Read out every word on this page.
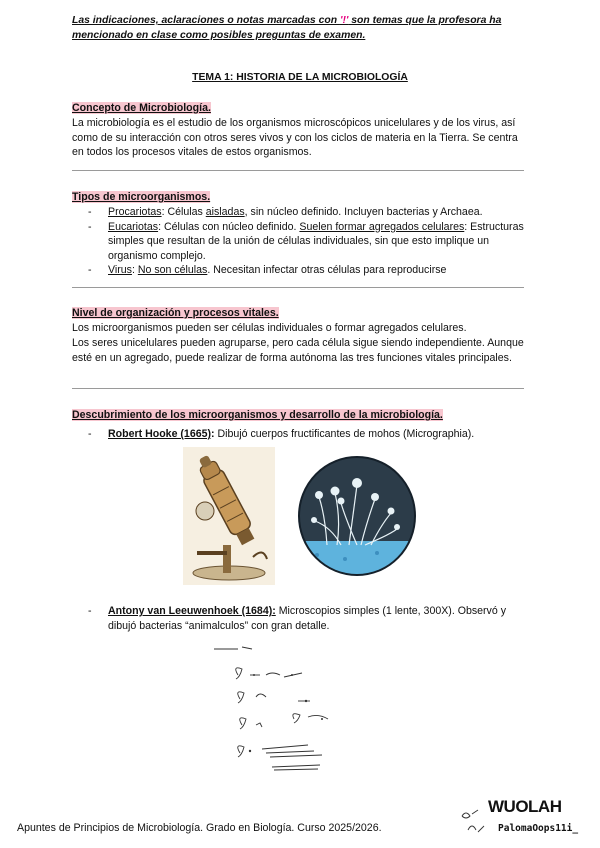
Las indicaciones, aclaraciones o notas marcadas con '!' son temas que la profesora ha mencionado en clase como posibles preguntas de examen.
TEMA 1: HISTORIA DE LA MICROBIOLOGÍA
Concepto de Microbiología.

La microbiología es el estudio de los organismos microscópicos unicelulares y de los virus, así como de su interacción con otros seres vivos y con los ciclos de materia en la Tierra. Se centra en todos los procesos vitales de estos organismos.

Tipos de microorganismos.
- Procariotas: Células aisladas, sin núcleo definido. Incluyen bacterias y Archaea.
- Eucariotas: Células con núcleo definido. Suelen formar agregados celulares: Estructuras simples que resultan de la unión de células individuales, sin que esto implique un organismo complejo.
- Virus: No son células. Necesitan infectar otras células para reproducirse
Nivel de organización y procesos vitales.

Los microorganismos pueden ser células individuales o formar agregados celulares.

Los seres unicelulares pueden agruparse, pero cada célula sigue siendo independiente. Aunque esté en un agregado, puede realizar de forma autónoma las tres funciones vitales principales.

Descubrimiento de los microorganismos y desarrollo de la microbiología.
- Robert Hooke (1665): Dibujó cuerpos fructificantes de mohos (Micrographia).
- Antony van Leeuwenhoek (1684): Microscopios simples (1 lente, 300X). Observó y dibujó bacterias “animalculos” con gran detalle.
Apuntes de Principios de Microbiología. Grado en Biología. Curso 2025/2026.
WUOLAH
PalomaOops11i_
